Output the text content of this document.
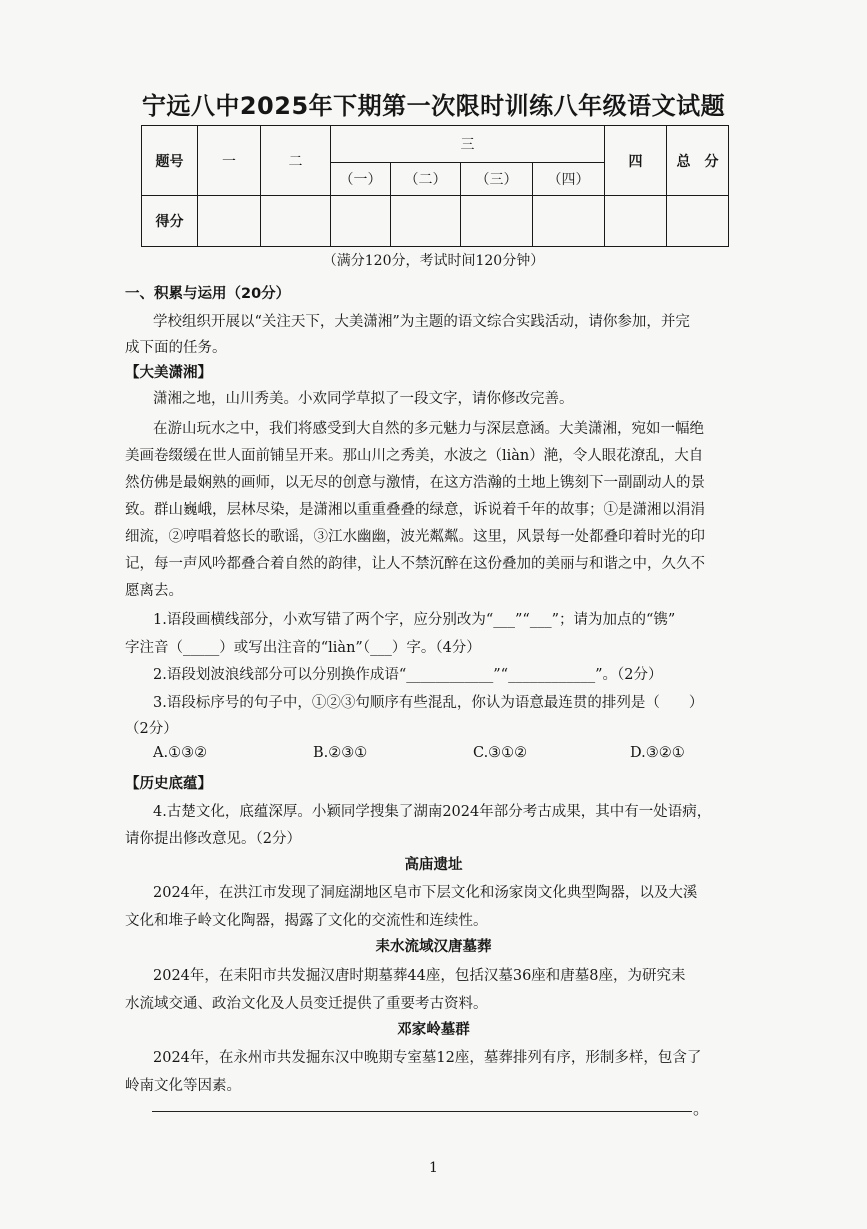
宁远八中2025年下期第一次限时训练八年级语文试题
题号	一	二	三				四	总　分
			（一）	（二）	（三）	（四）		
得分								
（满分120分，考试时间120分钟）
一、积累与运用（20分）
学校组织开展以“关注天下，大美潇湘”为主题的语文综合实践活动，请你参加，并完
成下面的任务。
【大美潇湘】
潇湘之地，山川秀美。小欢同学草拟了一段文字，请你修改完善。
在游山玩水之中，我们将感受到大自然的多元魅力与深层意涵。大美潇湘，宛如一幅绝
美画卷缀缓在世人面前铺呈开来。那山川之秀美，水波之（liàn）滟，令人眼花潦乱，大自
然仿佛是最娴熟的画师，以无尽的创意与激情，在这方浩瀚的土地上镌刻下一副副动人的景
致。群山巍峨，层林尽染，是潇湘以重重叠叠的绿意，诉说着千年的故事；①是潇湘以涓涓
细流，②哼唱着悠长的歌谣，③江水幽幽，波光粼粼。这里，风景每一处都叠印着时光的印
记，每一声风吟都叠合着自然的韵律，让人不禁沉醉在这份叠加的美丽与和谐之中，久久不
愿离去。
1.语段画横线部分，小欢写错了两个字，应分别改为“___”“___”；请为加点的“镌”
字注音（_____）或写出注音的“liàn”（___）字。（4分）
2.语段划波浪线部分可以分别换作成语“____________”“____________”。（2分）
3.语段标序号的句子中，①②③句顺序有些混乱，你认为语意最连贯的排列是（　　）
（2分）
A.①③②	B.②③①	C.③①②	D.③②①
【历史底蕴】
4.古楚文化，底蕴深厚。小颖同学搜集了湖南2024年部分考古成果，其中有一处语病，
请你提出修改意见。（2分）
高庙遗址
2024年，在洪江市发现了洞庭湖地区皂市下层文化和汤家岗文化典型陶器，以及大溪
文化和堆子岭文化陶器，揭露了文化的交流性和连续性。
耒水流域汉唐墓葬
2024年，在耒阳市共发掘汉唐时期墓葬44座，包括汉墓36座和唐墓8座，为研究耒
水流域交通、政治文化及人员变迁提供了重要考古资料。
邓家岭墓群
2024年，在永州市共发掘东汉中晚期专室墓12座，墓葬排列有序，形制多样，包含了
岭南文化等因素。
。
1
